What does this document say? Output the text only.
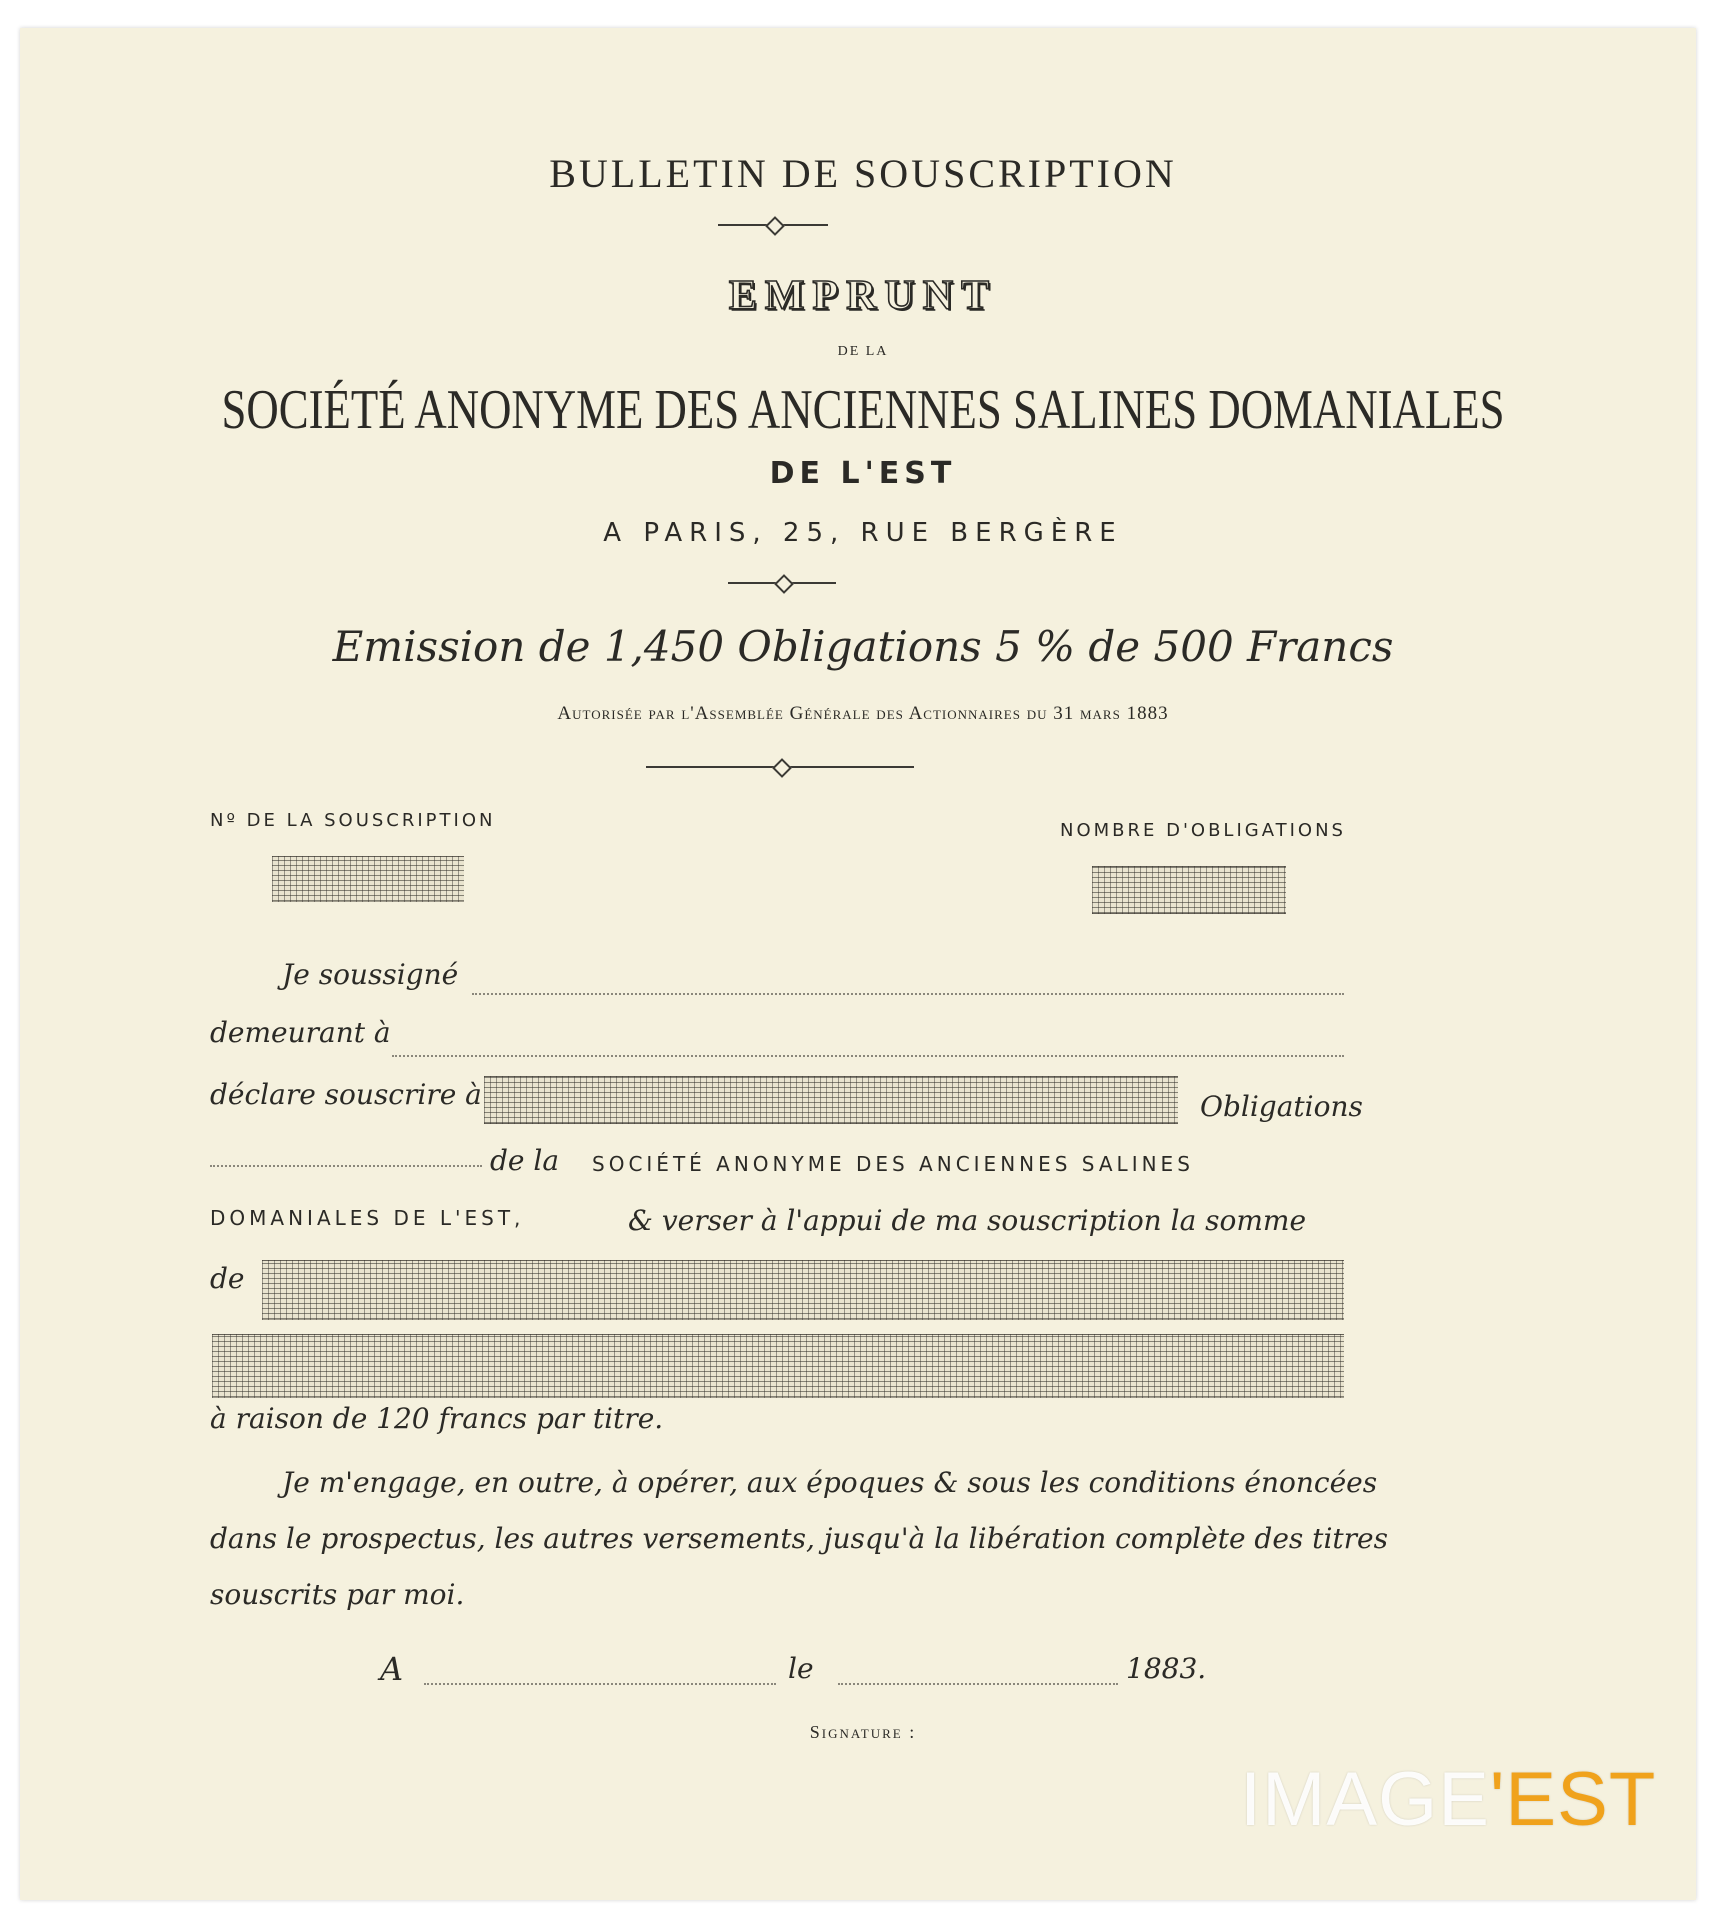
BULLETIN DE SOUSCRIPTION
EMPRUNT
DE LA
SOCIÉTÉ ANONYME DES ANCIENNES SALINES DOMANIALES
DE L'EST
A PARIS, 25, RUE BERGÈRE
Emission de 1,450 Obligations 5 % de 500 Francs
Autorisée par l'Assemblée Générale des Actionnaires du 31 mars 1883
Nº DE LA SOUSCRIPTION	NOMBRE D'OBLIGATIONS
Je soussigné
demeurant à
déclare souscrire à	Obligations
de la SOCIÉTÉ ANONYME DES ANCIENNES SALINES
DOMANIALES DE L'EST,	& verser à l'appui de ma souscription la somme
de
à raison de 120 francs par titre.
Je m'engage, en outre, à opérer, aux époques & sous les conditions énoncées
dans le prospectus, les autres versements, jusqu'à la libération complète des titres
souscrits par moi.
A	le	1883.
Signature :
IMAGE'EST
